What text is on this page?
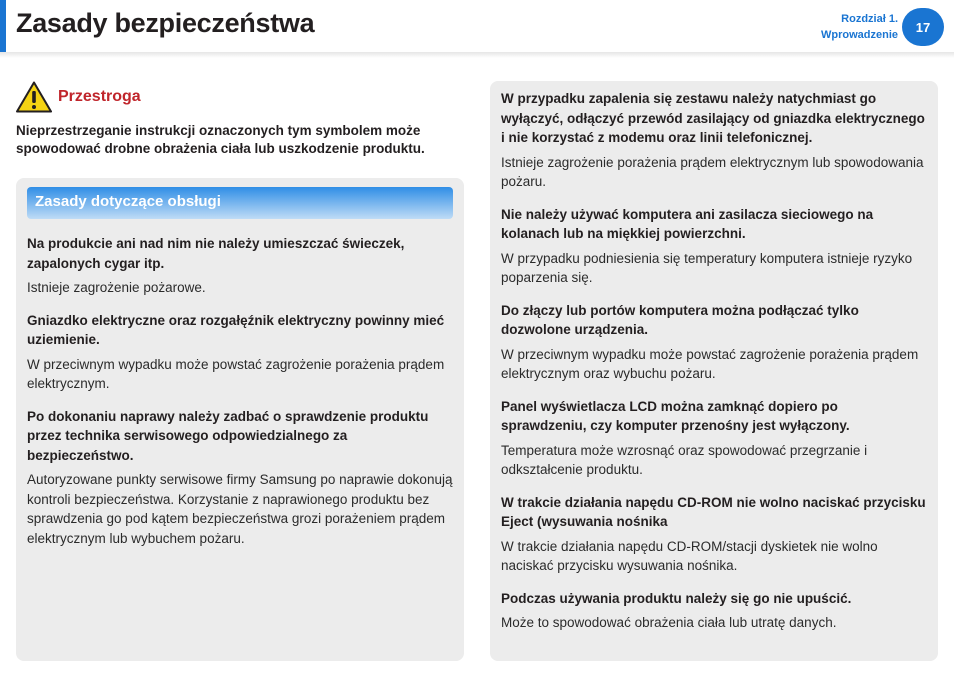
Zasady bezpieczeństwa	Rozdział 1.
Wprowadzenie
17
Przestroga

Nieprzestrzeganie instrukcji oznaczonych tym symbolem może spowodować drobne obrażenia ciała lub uszkodzenie produktu.

Zasady dotyczące obsługi
Na produkcie ani nad nim nie należy umieszczać świeczek, zapalonych cygar itp.
Istnieje zagrożenie pożarowe.
Gniazdko elektryczne oraz rozgałęźnik elektryczny powinny mieć uziemienie.
W przeciwnym wypadku może powstać zagrożenie porażenia prądem elektrycznym.
Po dokonaniu naprawy należy zadbać o sprawdzenie produktu przez technika serwisowego odpowiedzialnego za bezpieczeństwo.
Autoryzowane punkty serwisowe firmy Samsung po naprawie dokonują kontroli bezpieczeństwa. Korzystanie z naprawionego produktu bez sprawdzenia go pod kątem bezpieczeństwa grozi porażeniem prądem elektrycznym lub wybuchem pożaru.
W przypadku zapalenia się zestawu należy natychmiast go wyłączyć, odłączyć przewód zasilający od gniazdka elektrycznego i nie korzystać z modemu oraz linii telefonicznej.
Istnieje zagrożenie porażenia prądem elektrycznym lub spowodowania pożaru.
Nie należy używać komputera ani zasilacza sieciowego na kolanach lub na miękkiej powierzchni.
W przypadku podniesienia się temperatury komputera istnieje ryzyko poparzenia się.
Do złączy lub portów komputera można podłączać tylko dozwolone urządzenia.
W przeciwnym wypadku może powstać zagrożenie porażenia prądem elektrycznym oraz wybuchu pożaru.
Panel wyświetlacza LCD można zamknąć dopiero po sprawdzeniu, czy komputer przenośny jest wyłączony.
Temperatura może wzrosnąć oraz spowodować przegrzanie i odkształcenie produktu.
W trakcie działania napędu CD-ROM nie wolno naciskać przycisku Eject (wysuwania nośnika
W trakcie działania napędu CD-ROM/stacji dyskietek nie wolno naciskać przycisku wysuwania nośnika.
Podczas używania produktu należy się go nie upuścić.
Może to spowodować obrażenia ciała lub utratę danych.
